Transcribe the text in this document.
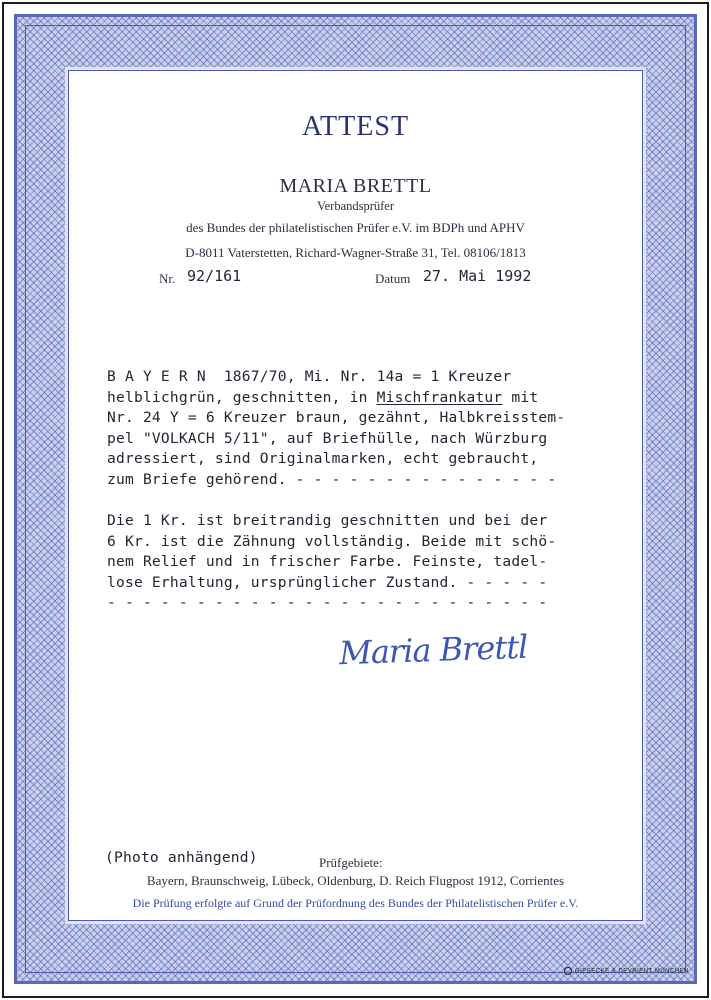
ATTEST
MARIA BRETTL
Verbandsprüfer
des Bundes der philatelistischen Prüfer e.V. im BDPh und APHV
D-8011 Vaterstetten, Richard-Wagner-Straße 31, Tel. 08106/1813
Nr. 92/161	Datum 27. Mai 1992
B A Y E R N  1867/70, Mi. Nr. 14a = 1 Kreuzer
helblichgrün, geschnitten, in Mischfrankatur mit
Nr. 24 Y = 6 Kreuzer braun, gezähnt, Halbkreisstem-
pel "VOLKACH 5/11", auf Briefhülle, nach Würzburg
adressiert, sind Originalmarken, echt gebraucht,
zum Briefe gehörend. - - - - - - - - - - - - - - -
Die 1 Kr. ist breitrandig geschnitten und bei der
6 Kr. ist die Zähnung vollständig. Beide mit schö-
nem Relief und in frischer Farbe. Feinste, tadel-
lose Erhaltung, ursprünglicher Zustand. - - - - -
- - - - - - - - - - - - - - - - - - - - - - - - -
Maria Brettl
(Photo anhängend)	Prüfgebiete:
Bayern, Braunschweig, Lübeck, Oldenburg, D. Reich Flugpost 1912, Corrientes
Die Prüfung erfolgte auf Grund der Prüfordnung des Bundes der Philatelistischen Prüfer e.V.
GIESECKE & DEVRIENT MÜNCHEN
